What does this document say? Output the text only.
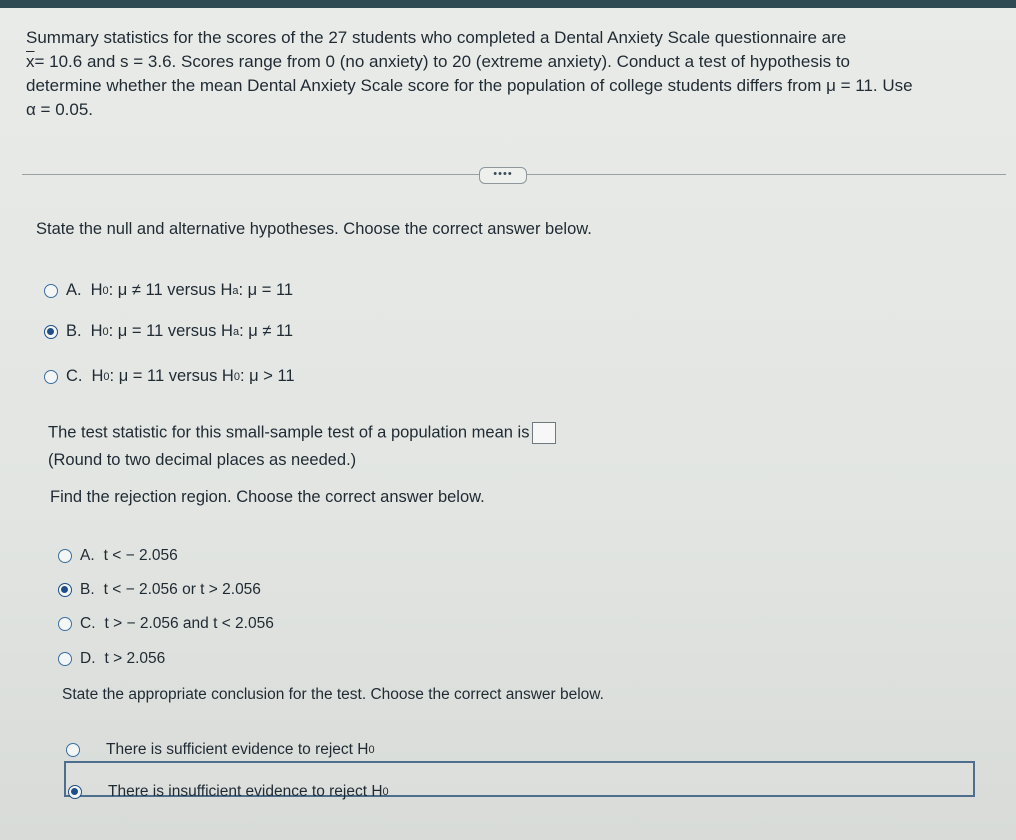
Summary statistics for the scores of the 27 students who completed a Dental Anxiety Scale questionnaire are

$\overline{x}= 10.6$ and s = 3.6. Scores range from 0 (no anxiety) to 20 (extreme anxiety). Conduct a test of hypothesis to

determine whether the mean Dental Anxiety Scale score for the population of college students differs from μ = 11. Use

α = 0.05.

••••
State the null and alternative hypotheses. Choose the correct answer below.
A. H 0 : μ ≠ 11 versus H a : μ = 11
B. H 0 : μ = 11 versus H a : μ ≠ 11
C. H 0 : μ = 11 versus H 0 : μ > 11
The test statistic for this small-sample test of a population mean is
(Round to two decimal places as needed.)
Find the rejection region. Choose the correct answer below.
A. t < − 2.056
B. t < − 2.056 or t > 2.056
C. t > − 2.056 and t < 2.056
D. t > 2.056
State the appropriate conclusion for the test. Choose the correct answer below.
There is sufficient evidence to reject H 0
There is insufficient evidence to reject H 0
